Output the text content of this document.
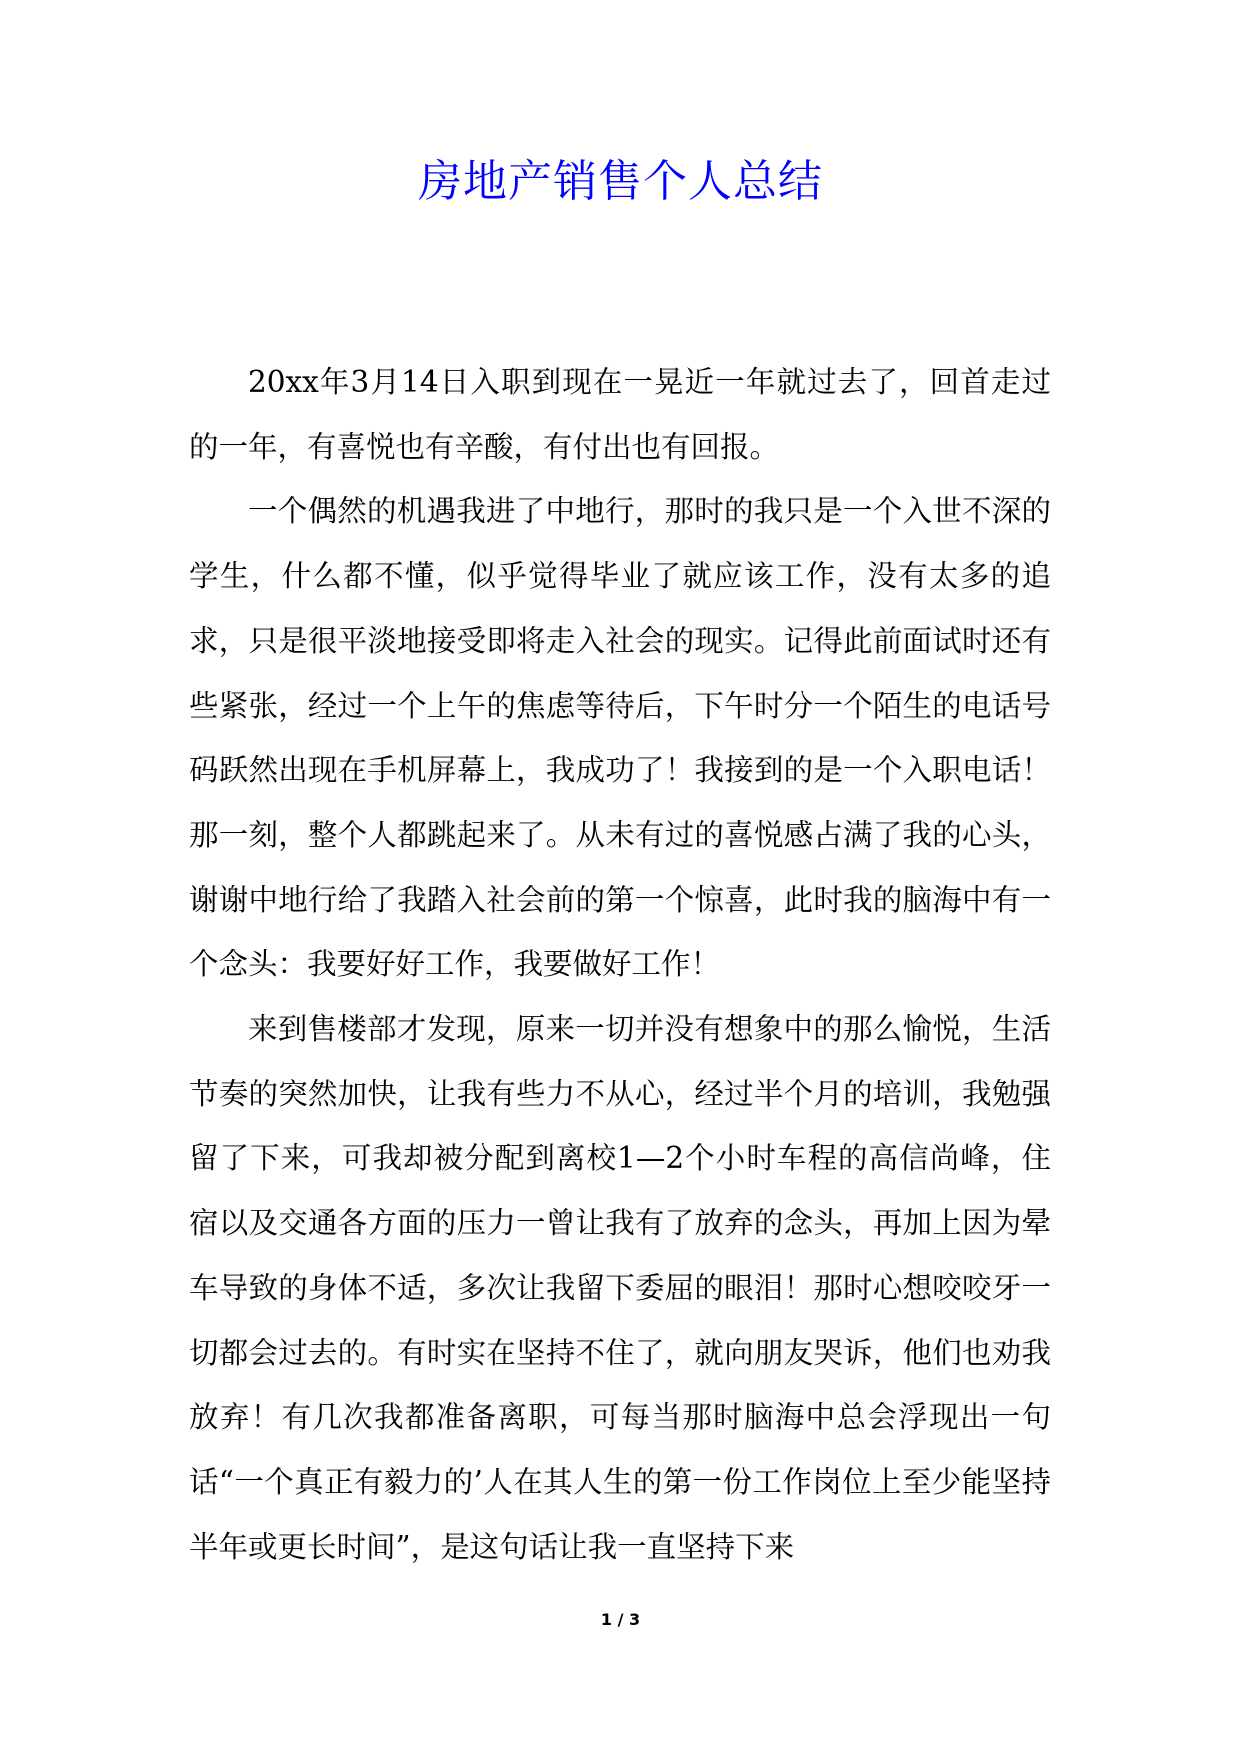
房地产销售个人总结

20xx年3月14日入职到现在一晃近一年就过去了，回首走过的一年，有喜悦也有辛酸，有付出也有回报。

一个偶然的机遇我进了中地行，那时的我只是一个入世不深的学生，什么都不懂，似乎觉得毕业了就应该工作，没有太多的追求，只是很平淡地接受即将走入社会的现实。记得此前面试时还有些紧张，经过一个上午的焦虑等待后，下午时分一个陌生的电话号码跃然出现在手机屏幕上，我成功了！我接到的是一个入职电话！那一刻，整个人都跳起来了。从未有过的喜悦感占满了我的心头，谢谢中地行给了我踏入社会前的第一个惊喜，此时我的脑海中有一个念头：我要好好工作，我要做好工作！

来到售楼部才发现，原来一切并没有想象中的那么愉悦，生活节奏的突然加快，让我有些力不从心，经过半个月的培训，我勉强留了下来，可我却被分配到离校1—2个小时车程的高信尚峰，住宿以及交通各方面的压力一曾让我有了放弃的念头，再加上因为晕车导致的身体不适，多次让我留下委屈的眼泪！那时心想咬咬牙一切都会过去的。有时实在坚持不住了，就向朋友哭诉，他们也劝我放弃！有几次我都准备离职，可每当那时脑海中总会浮现出一句话“一个真正有毅力的’人在其人生的第一份工作岗位上至少能坚持半年或更长时间”，是这句话让我一直坚持下来

1 / 3
